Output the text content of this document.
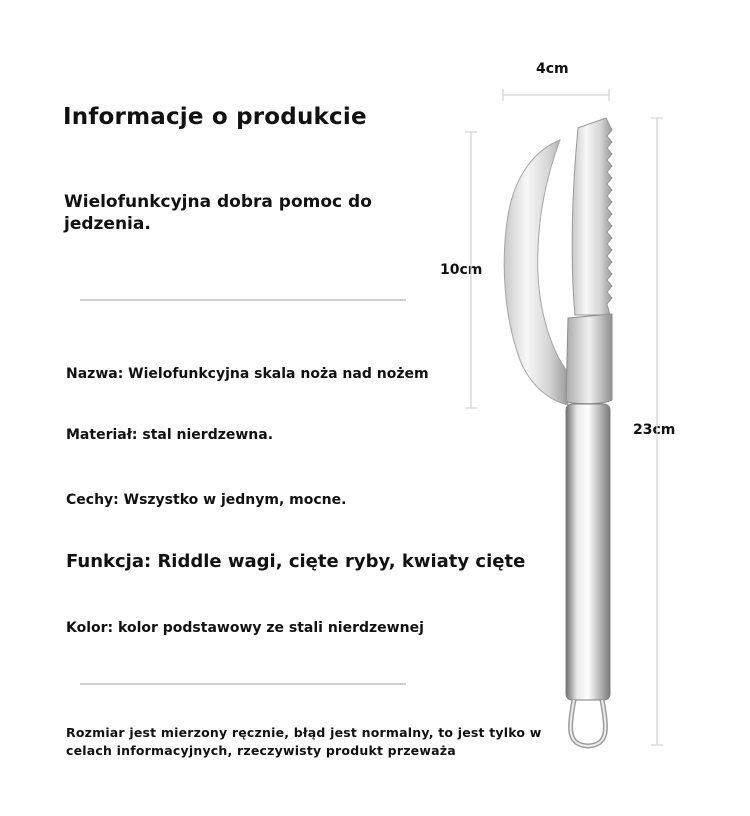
Informacje o produkcie
Wielofunkcyjna dobra pomoc do jedzenia.
Nazwa: Wielofunkcyjna skala noża nad nożem
Materiał: stal nierdzewna.
Cechy: Wszystko w jednym, mocne.
Funkcja: Riddle wagi, cięte ryby, kwiaty cięte
Kolor: kolor podstawowy ze stali nierdzewnej
Rozmiar jest mierzony ręcznie, błąd jest normalny, to jest tylko w celach informacyjnych, rzeczywisty produkt przeważa
4cm
10cm
23cm
